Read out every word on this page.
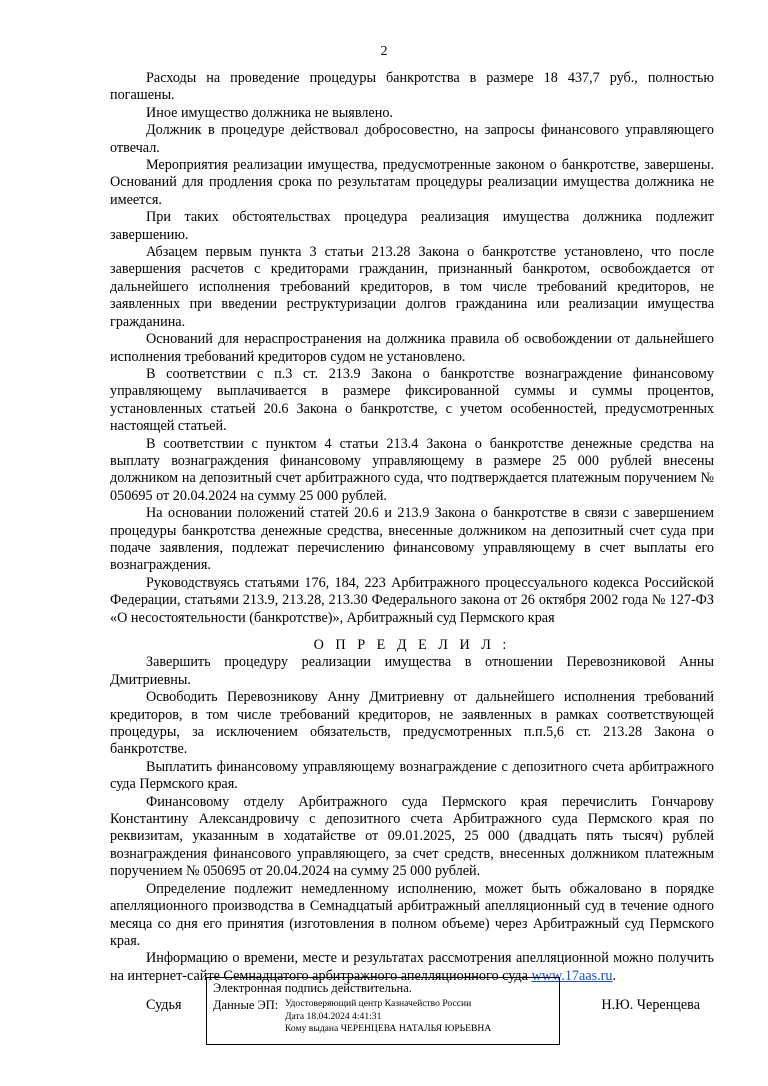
2

Расходы на проведение процедуры банкротства в размере 18 437,7 руб., полностью погашены.

Иное имущество должника не выявлено.

Должник в процедуре действовал добросовестно, на запросы финансового управляющего отвечал.

Мероприятия реализации имущества, предусмотренные законом о банкротстве, завершены. Оснований для продления срока по результатам процедуры реализации имущества должника не имеется.

При таких обстоятельствах процедура реализация имущества должника подлежит завершению.

Абзацем первым пункта 3 статьи 213.28 Закона о банкротстве установлено, что после завершения расчетов с кредиторами гражданин, признанный банкротом, освобождается от дальнейшего исполнения требований кредиторов, в том числе требований кредиторов, не заявленных при введении реструктуризации долгов гражданина или реализации имущества гражданина.

Оснований для нераспространения на должника правила об освобождении от дальнейшего исполнения требований кредиторов судом не установлено.

В соответствии с п.3 ст. 213.9 Закона о банкротстве вознаграждение финансовому управляющему выплачивается в размере фиксированной суммы и суммы процентов, установленных статьей 20.6 Закона о банкротстве, с учетом особенностей, предусмотренных настоящей статьей.

В соответствии с пунктом 4 статьи 213.4 Закона о банкротстве денежные средства на выплату вознаграждения финансовому управляющему в размере 25 000 рублей внесены должником на депозитный счет арбитражного суда, что подтверждается платежным поручением № 050695 от 20.04.2024 на сумму 25 000 рублей.

На основании положений статей 20.6 и 213.9 Закона о банкротстве в связи с завершением процедуры банкротства денежные средства, внесенные должником на депозитный счет суда при подаче заявления, подлежат перечислению финансовому управляющему в счет выплаты его вознаграждения.

Руководствуясь статьями 176, 184, 223 Арбитражного процессуального кодекса Российской Федерации, статьями 213.9, 213.28, 213.30 Федерального закона от 26 октября 2002 года № 127-ФЗ «О несостоятельности (банкротстве)», Арбитражный суд Пермского края

О П Р Е Д Е Л И Л :

Завершить процедуру реализации имущества в отношении Перевозниковой Анны Дмитриевны.

Освободить Перевозникову Анну Дмитриевну от дальнейшего исполнения требований кредиторов, в том числе требований кредиторов, не заявленных в рамках соответствующей процедуры, за исключением обязательств, предусмотренных п.п.5,6 ст. 213.28 Закона о банкротстве.

Выплатить финансовому управляющему вознаграждение с депозитного счета арбитражного суда Пермского края.

Финансовому отделу Арбитражного суда Пермского края перечислить Гончарову Константину Александровичу с депозитного счета Арбитражного суда Пермского края по реквизитам, указанным в ходатайстве от 09.01.2025, 25 000 (двадцать пять тысяч) рублей вознаграждения финансового управляющего, за счет средств, внесенных должником платежным поручением № 050695 от 20.04.2024 на сумму 25 000 рублей.

Определение подлежит немедленному исполнению, может быть обжаловано в порядке апелляционного производства в Семнадцатый арбитражный апелляционный суд в течение одного месяца со дня его принятия (изготовления в полном объеме) через Арбитражный суд Пермского края.

Информацию о времени, месте и результатах рассмотрения апелляционной можно получить на интернет-сайте Семнадцатого арбитражного апелляционного суда www.17aas.ru.

Судья
Электронная подпись действительна.
Данные ЭП: Удостоверяющий центр Казначейство России
Дата 18.04.2024 4:41:31
Кому выдана ЧЕРЕНЦЕВА НАТАЛЬЯ ЮРЬЕВНА
Н.Ю. Черенцева
